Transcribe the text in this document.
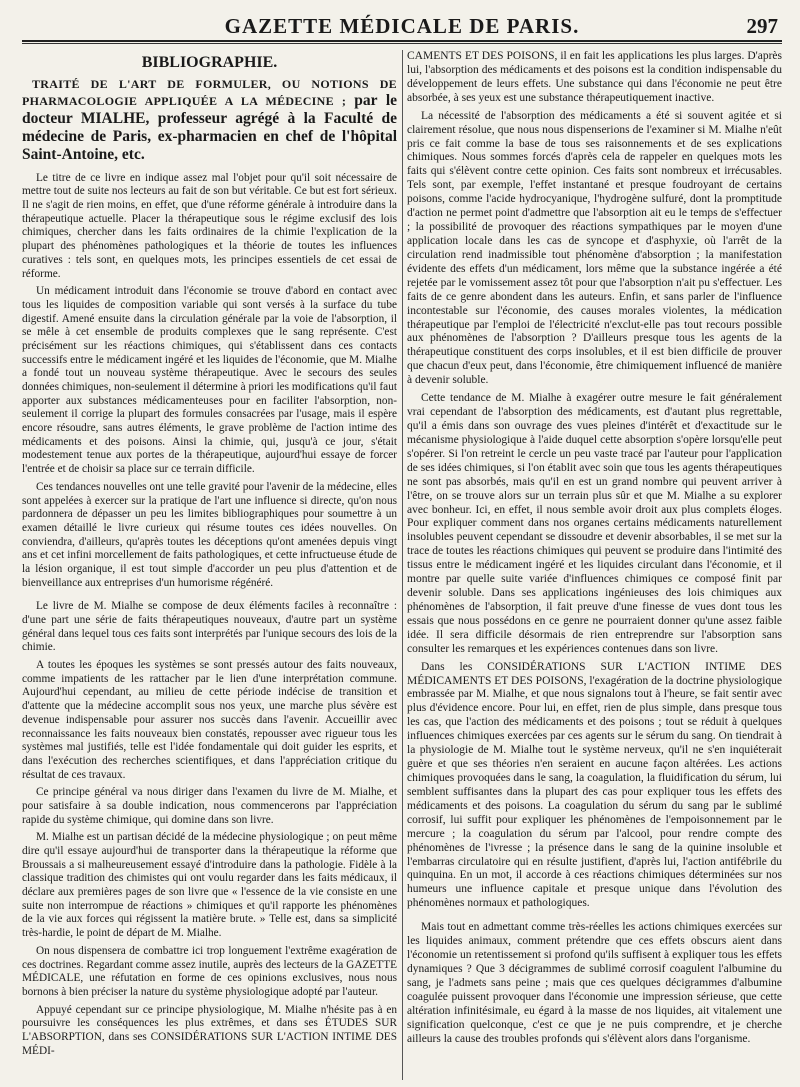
GAZETTE MÉDICALE DE PARIS.	297
BIBLIOGRAPHIE.
TRAITÉ DE L'ART DE FORMULER, OU NOTIONS DE PHARMACOLOGIE APPLIQUÉE A LA MÉDECINE ; par le docteur MIALHE, professeur agrégé à la Faculté de médecine de Paris, ex-pharmacien en chef de l'hôpital Saint-Antoine, etc.

Le titre de ce livre en indique assez mal l'objet pour qu'il soit nécessaire de mettre tout de suite nos lecteurs au fait de son but véritable. Ce but est fort sérieux. Il ne s'agit de rien moins, en effet, que d'une réforme générale à introduire dans la thérapeutique actuelle. Placer la thérapeutique sous le régime exclusif des lois chimiques, chercher dans les faits ordinaires de la chimie l'explication de la plupart des phénomènes pathologiques et la théorie de toutes les influences curatives : tels sont, en quelques mots, les principes essentiels de cet essai de réforme.

Un médicament introduit dans l'économie se trouve d'abord en contact avec tous les liquides de composition variable qui sont versés à la surface du tube digestif. Amené ensuite dans la circulation générale par la voie de l'absorption, il se mêle à cet ensemble de produits complexes que le sang représente. C'est précisément sur les réactions chimiques, qui s'établissent dans ces contacts successifs entre le médicament ingéré et les liquides de l'économie, que M. Mialhe a fondé tout un nouveau système thérapeutique. Avec le secours des seules données chimiques, non-seulement il détermine à priori les modifications qu'il faut apporter aux substances médicamenteuses pour en faciliter l'absorption, non-seulement il corrige la plupart des formules consacrées par l'usage, mais il espère encore résoudre, sans autres éléments, le grave problème de l'action intime des médicaments et des poisons. Ainsi la chimie, qui, jusqu'à ce jour, s'était modestement tenue aux portes de la thérapeutique, aujourd'hui essaye de forcer l'entrée et de choisir sa place sur ce terrain difficile.

Ces tendances nouvelles ont une telle gravité pour l'avenir de la médecine, elles sont appelées à exercer sur la pratique de l'art une influence si directe, qu'on nous pardonnera de dépasser un peu les limites bibliographiques pour soumettre à un examen détaillé le livre curieux qui résume toutes ces idées nouvelles. On conviendra, d'ailleurs, qu'après toutes les déceptions qu'ont amenées depuis vingt ans et cet infini morcellement de faits pathologiques, et cette infructueuse étude de la lésion organique, il est tout simple d'accorder un peu plus d'attention et de bienveillance aux entreprises d'un humorisme régénéré.

Le livre de M. Mialhe se compose de deux éléments faciles à reconnaître : d'une part une série de faits thérapeutiques nouveaux, d'autre part un système général dans lequel tous ces faits sont interprétés par l'unique secours des lois de la chimie.

A toutes les époques les systèmes se sont pressés autour des faits nouveaux, comme impatients de les rattacher par le lien d'une interprétation commune. Aujourd'hui cependant, au milieu de cette période indécise de transition et d'attente que la médecine accomplit sous nos yeux, une marche plus sévère est devenue indispensable pour assurer nos succès dans l'avenir. Accueillir avec reconnaissance les faits nouveaux bien constatés, repousser avec rigueur tous les systèmes mal justifiés, telle est l'idée fondamentale qui doit guider les esprits, et dans l'exécution des recherches scientifiques, et dans l'appréciation critique du résultat de ces travaux.

Ce principe général va nous diriger dans l'examen du livre de M. Mialhe, et pour satisfaire à sa double indication, nous commencerons par l'appréciation rapide du système chimique, qui domine dans son livre.

M. Mialhe est un partisan décidé de la médecine physiologique ; on peut même dire qu'il essaye aujourd'hui de transporter dans la thérapeutique la réforme que Broussais a si malheureusement essayé d'introduire dans la pathologie. Fidèle à la classique tradition des chimistes qui ont voulu regarder dans les faits médicaux, il déclare aux premières pages de son livre que « l'essence de la vie consiste en une suite non interrompue de réactions » chimiques et qu'il rapporte les phénomènes de la vie aux forces qui régissent la matière brute. » Telle est, dans sa simplicité très-hardie, le point de départ de M. Mialhe.

On nous dispensera de combattre ici trop longuement l'extrême exagération de ces doctrines. Regardant comme assez inutile, auprès des lecteurs de la GAZETTE MÉDICALE, une réfutation en forme de ces opinions exclusives, nous nous bornons à bien préciser la nature du système physiologique adopté par l'auteur.

Appuyé cependant sur ce principe physiologique, M. Mialhe n'hésite pas à en poursuivre les conséquences les plus extrêmes, et dans ses ÉTUDES SUR L'ABSORPTION, dans ses CONSIDÉRATIONS SUR L'ACTION INTIME DES MÉDI-

CAMENTS ET DES POISONS, il en fait les applications les plus larges. D'après lui, l'absorption des médicaments et des poisons est la condition indispensable du développement de leurs effets. Une substance qui dans l'économie ne peut être absorbée, à ses yeux est une substance thérapeutiquement inactive.

La nécessité de l'absorption des médicaments a été si souvent agitée et si clairement résolue, que nous nous dispenserions de l'examiner si M. Mialhe n'eût pris ce fait comme la base de tous ses raisonnements et de ses explications chimiques. Nous sommes forcés d'après cela de rappeler en quelques mots les faits qui s'élèvent contre cette opinion. Ces faits sont nombreux et irrécusables. Tels sont, par exemple, l'effet instantané et presque foudroyant de certains poisons, comme l'acide hydrocyanique, l'hydrogène sulfuré, dont la promptitude d'action ne permet point d'admettre que l'absorption ait eu le temps de s'effectuer ; la possibilité de provoquer des réactions sympathiques par le moyen d'une application locale dans les cas de syncope et d'asphyxie, où l'arrêt de la circulation rend inadmissible tout phénomène d'absorption ; la manifestation évidente des effets d'un médicament, lors même que la substance ingérée a été rejetée par le vomissement assez tôt pour que l'absorption n'ait pu s'effectuer. Les faits de ce genre abondent dans les auteurs. Enfin, et sans parler de l'influence incontestable sur l'économie, des causes morales violentes, la médication thérapeutique par l'emploi de l'électricité n'exclut-elle pas tout recours possible aux phénomènes de l'absorption ? D'ailleurs presque tous les agents de la thérapeutique constituent des corps insolubles, et il est bien difficile de prouver que chacun d'eux peut, dans l'économie, être chimiquement influencé de manière à devenir soluble.

Cette tendance de M. Mialhe à exagérer outre mesure le fait généralement vrai cependant de l'absorption des médicaments, est d'autant plus regrettable, qu'il a émis dans son ouvrage des vues pleines d'intérêt et d'exactitude sur le mécanisme physiologique à l'aide duquel cette absorption s'opère lorsqu'elle peut s'opérer. Si l'on retreint le cercle un peu vaste tracé par l'auteur pour l'application de ses idées chimiques, si l'on établit avec soin que tous les agents thérapeutiques ne sont pas absorbés, mais qu'il en est un grand nombre qui peuvent arriver à l'être, on se trouve alors sur un terrain plus sûr et que M. Mialhe a su explorer avec bonheur. Ici, en effet, il nous semble avoir droit aux plus complets éloges. Pour expliquer comment dans nos organes certains médicaments naturellement insolubles peuvent cependant se dissoudre et devenir absorbables, il se met sur la trace de toutes les réactions chimiques qui peuvent se produire dans l'intimité des tissus entre le médicament ingéré et les liquides circulant dans l'économie, et il montre par quelle suite variée d'influences chimiques ce composé finit par devenir soluble. Dans ses applications ingénieuses des lois chimiques aux phénomènes de l'absorption, il fait preuve d'une finesse de vues dont tous les essais que nous possédons en ce genre ne pourraient donner qu'une assez faible idée. Il sera difficile désormais de rien entreprendre sur l'absorption sans consulter les remarques et les expériences contenues dans son livre.

Dans les CONSIDÉRATIONS SUR L'ACTION INTIME DES MÉDICAMENTS ET DES POISONS, l'exagération de la doctrine physiologique embrassée par M. Mialhe, et que nous signalons tout à l'heure, se fait sentir avec plus d'évidence encore. Pour lui, en effet, rien de plus simple, dans presque tous les cas, que l'action des médicaments et des poisons ; tout se réduit à quelques influences chimiques exercées par ces agents sur le sérum du sang. On tiendrait à la physiologie de M. Mialhe tout le système nerveux, qu'il ne s'en inquiéterait guère et que ses théories n'en seraient en aucune façon altérées. Les actions chimiques provoquées dans le sang, la coagulation, la fluidification du sérum, lui semblent suffisantes dans la plupart des cas pour expliquer tous les effets des médicaments et des poisons. La coagulation du sérum du sang par le sublimé corrosif, lui suffit pour expliquer les phénomènes de l'empoisonnement par le mercure ; la coagulation du sérum par l'alcool, pour rendre compte des phénomènes de l'ivresse ; la présence dans le sang de la quinine insoluble et l'embarras circulatoire qui en résulte justifient, d'après lui, l'action antifébrile du quinquina. En un mot, il accorde à ces réactions chimiques déterminées sur nos humeurs une influence capitale et presque unique dans l'évolution des phénomènes normaux et pathologiques.

Mais tout en admettant comme très-réelles les actions chimiques exercées sur les liquides animaux, comment prétendre que ces effets obscurs aient dans l'économie un retentissement si profond qu'ils suffisent à expliquer tous les effets dynamiques ? Que 3 décigrammes de sublimé corrosif coagulent l'albumine du sang, je l'admets sans peine ; mais que ces quelques décigrammes d'albumine coagulée puissent provoquer dans l'économie une impression sérieuse, que cette altération infinitésimale, eu égard à la masse de nos liquides, ait vitalement une signification quelconque, c'est ce que je ne puis comprendre, et je cherche ailleurs la cause des troubles profonds qui s'élèvent alors dans l'organisme.
